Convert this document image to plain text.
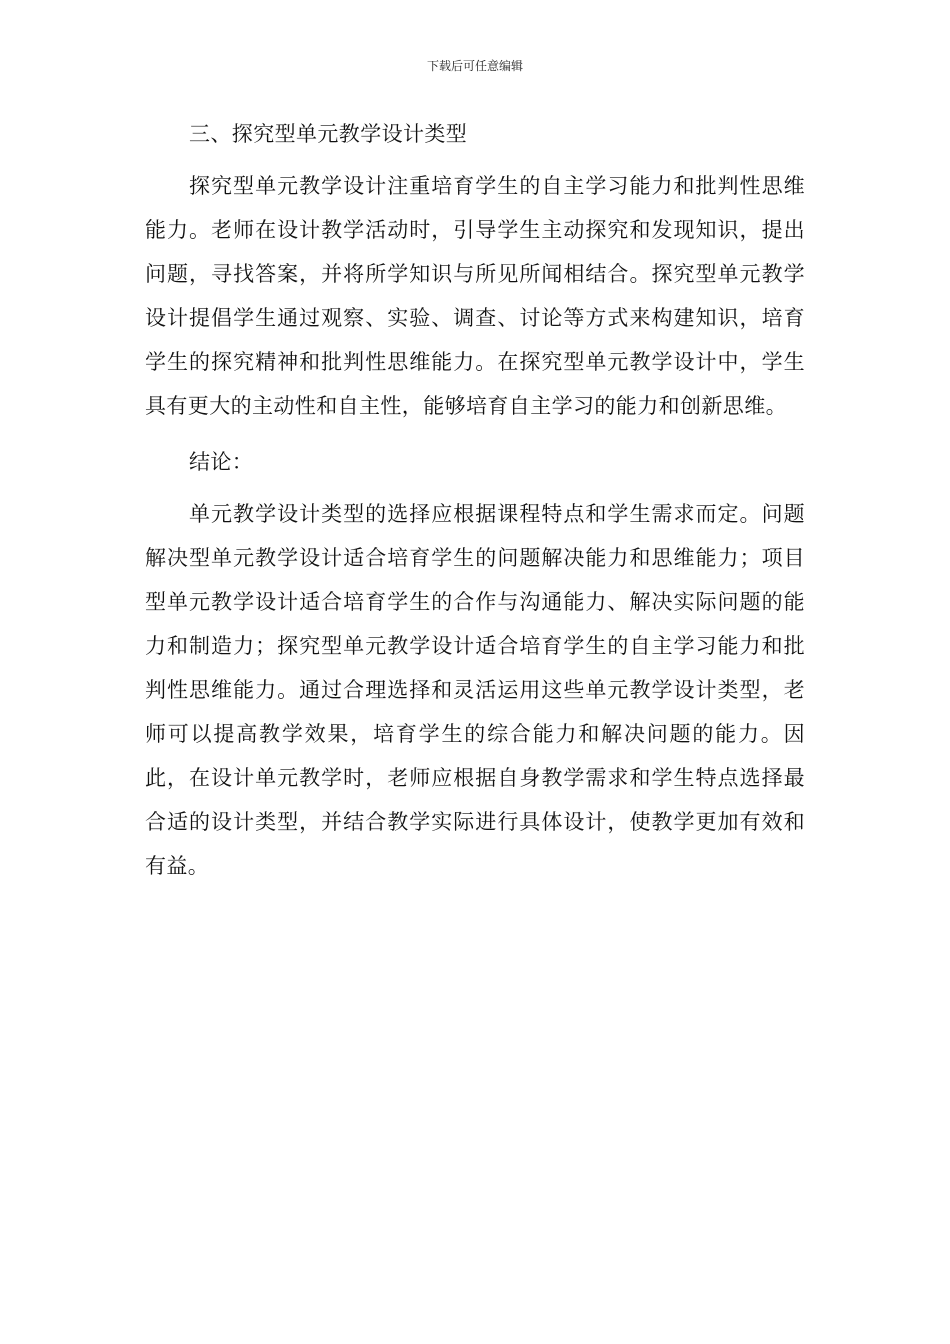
下载后可任意编辑

三、探究型单元教学设计类型

探究型单元教学设计注重培育学生的自主学习能力和批判性思维能力。老师在设计教学活动时，引导学生主动探究和发现知识，提出问题，寻找答案，并将所学知识与所见所闻相结合。探究型单元教学设计提倡学生通过观察、实验、调查、讨论等方式来构建知识，培育学生的探究精神和批判性思维能力。在探究型单元教学设计中，学生具有更大的主动性和自主性，能够培育自主学习的能力和创新思维。

结论：

单元教学设计类型的选择应根据课程特点和学生需求而定。问题解决型单元教学设计适合培育学生的问题解决能力和思维能力；项目型单元教学设计适合培育学生的合作与沟通能力、解决实际问题的能力和制造力；探究型单元教学设计适合培育学生的自主学习能力和批判性思维能力。通过合理选择和灵活运用这些单元教学设计类型，老师可以提高教学效果，培育学生的综合能力和解决问题的能力。因此，在设计单元教学时，老师应根据自身教学需求和学生特点选择最合适的设计类型，并结合教学实际进行具体设计，使教学更加有效和有益。
